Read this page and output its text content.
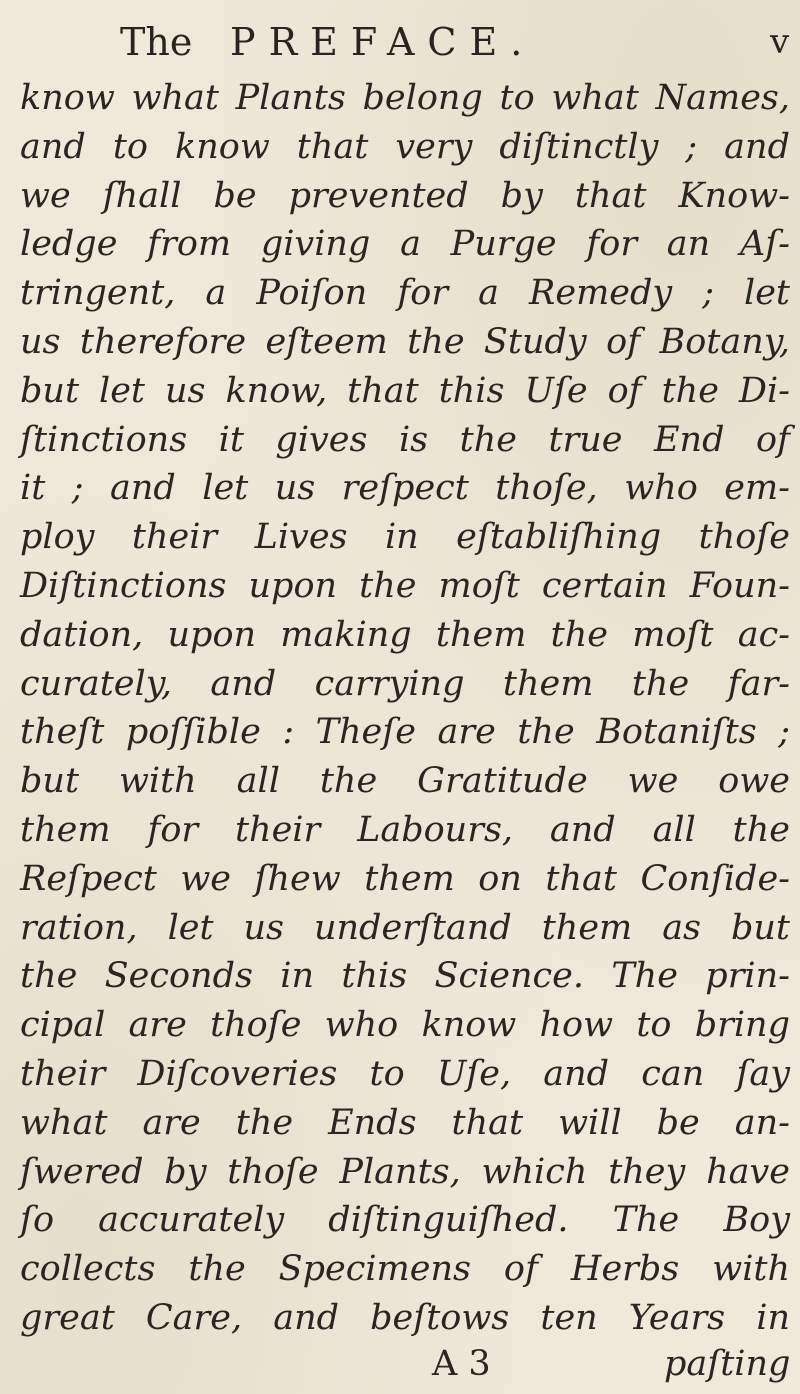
The PREFACE.	v
know what Plants belong to what Names,
and to know that very diſtinctly ; and
we ſhall be prevented by that Know-
ledge from giving a Purge for an Aſ-
tringent, a Poiſon for a Remedy ; let
us therefore eſteem the Study of Botany,
but let us know, that this Uſe of the Di-
ſtinctions it gives is the true End of
it ; and let us reſpect thoſe, who em-
ploy their Lives in eſtabliſhing thoſe
Diſtinctions upon the moſt certain Foun-
dation, upon making them the moſt ac-
curately, and carrying them the far-
theſt poſſible : Theſe are the Botaniſts ;
but with all the Gratitude we owe
them for their Labours, and all the
Reſpect we ſhew them on that Conſide-
ration, let us underſtand them as but
the Seconds in this Science. The prin-
cipal are thoſe who know how to bring
their Diſcoveries to Uſe, and can ſay
what are the Ends that will be an-
ſwered by thoſe Plants, which they have
ſo accurately diſtinguiſhed. The Boy
collects the Specimens of Herbs with
great Care, and beſtows ten Years in
A 3	paſting
